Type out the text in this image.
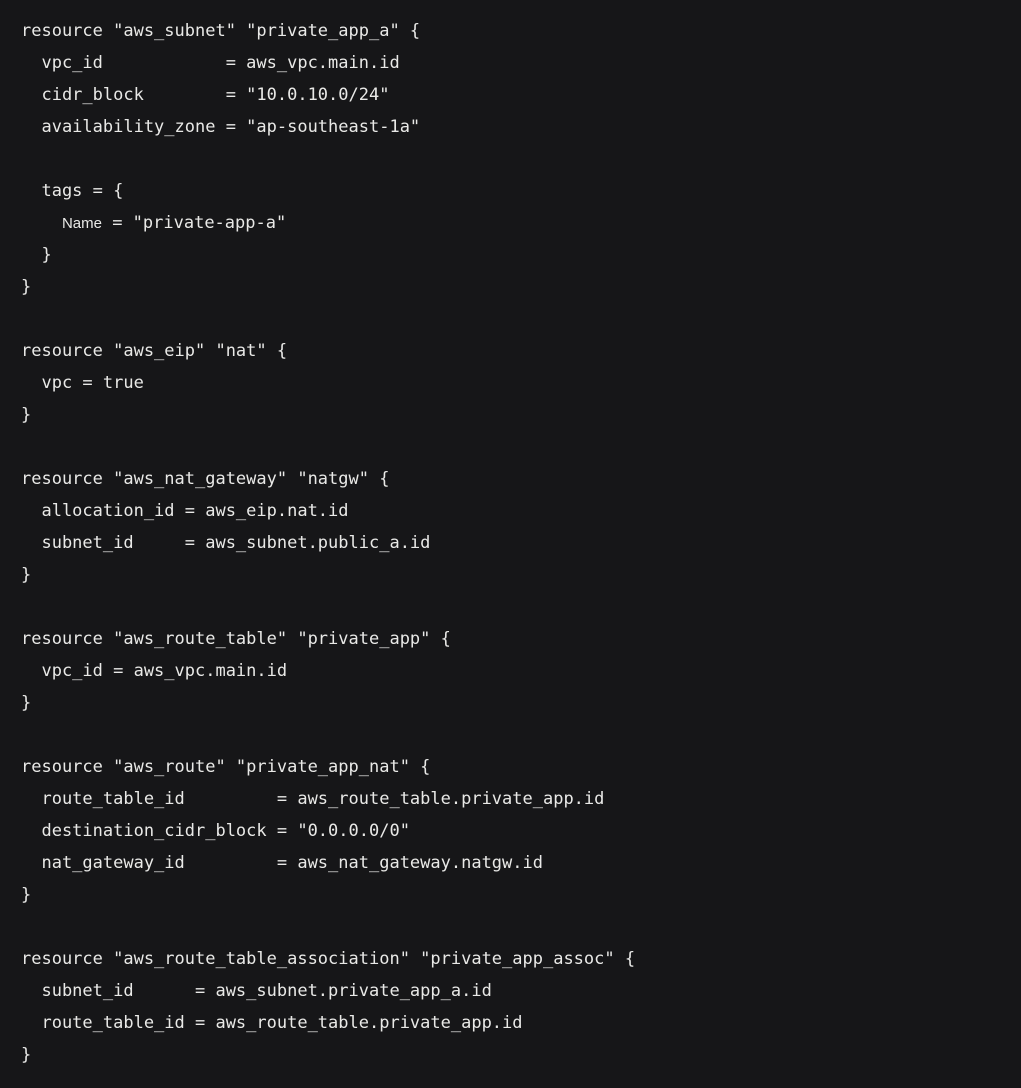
resource "aws_subnet" "private_app_a" {
vpc_id            = aws_vpc.main.id
cidr_block        = "10.0.10.0/24"
availability_zone = "ap-southeast-1a"

tags = {
Name = "private-app-a"
}
}

resource "aws_eip" "nat" {
vpc = true
}

resource "aws_nat_gateway" "natgw" {
allocation_id = aws_eip.nat.id
subnet_id     = aws_subnet.public_a.id
}

resource "aws_route_table" "private_app" {
vpc_id = aws_vpc.main.id
}

resource "aws_route" "private_app_nat" {
route_table_id         = aws_route_table.private_app.id
destination_cidr_block = "0.0.0.0/0"
nat_gateway_id         = aws_nat_gateway.natgw.id
}

resource "aws_route_table_association" "private_app_assoc" {
subnet_id      = aws_subnet.private_app_a.id
route_table_id = aws_route_table.private_app.id
}
